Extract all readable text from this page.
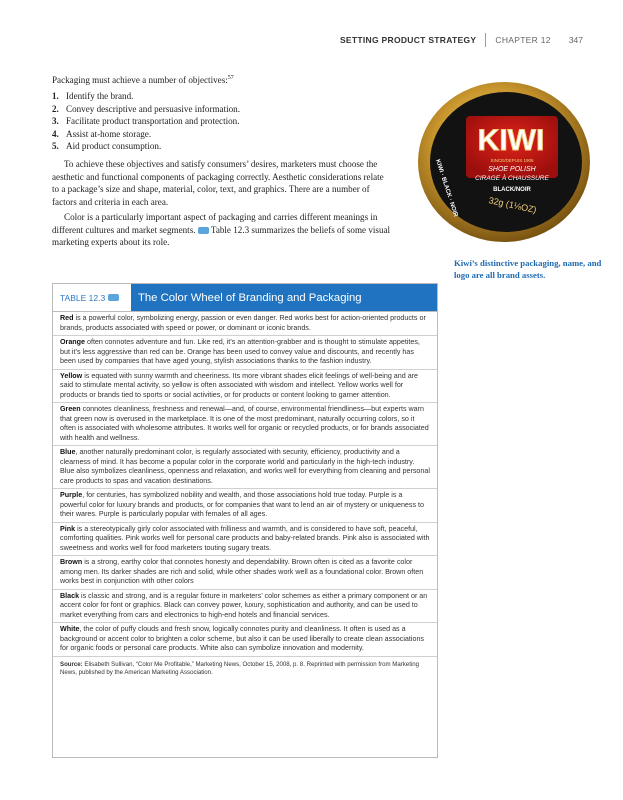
SETTING PRODUCT STRATEGY CHAPTER 12 347

Packaging must achieve a number of objectives:$^{57}$

1. Identify the brand.
2. Convey descriptive and persuasive information.
3. Facilitate product transportation and protection.
4. Assist at-home storage.
5. Aid product consumption.

To achieve these objectives and satisfy consumers’ desires, marketers must choose the aesthetic and functional components of packaging correctly. Aesthetic considerations relate to a package’s size and shape, material, color, text, and graphics. There are a number of factors and criteria in each area.

Color is a particularly important aspect of packaging and carries different meanings in different cultures and market segments. Table 12.3 summarizes the beliefs of some visual marketing experts about its role.

KIWI
SINCE/DEPUIS 1906
SHOE POLISH
CIRAGE À CHAUSSURE
BLACK/NOIR
32g (1⅛OZ)
KIWI · BLACK · NOIR
Kiwi’s distinctive packaging, name, and logo are all brand assets.
TABLE 12.3	The Color Wheel of Branding and Packaging
Red is a powerful color, symbolizing energy, passion or even danger. Red works best for action-oriented products or brands, products associated with speed or power, or dominant or iconic brands.
Orange often connotes adventure and fun. Like red, it’s an attention-grabber and is thought to stimulate appetites, but it’s less aggressive than red can be. Orange has been used to convey value and discounts, and recently has been used by companies that have aged young, stylish associations thanks to the fashion industry.
Yellow is equated with sunny warmth and cheeriness. Its more vibrant shades elicit feelings of well-being and are said to stimulate mental activity, so yellow is often associated with wisdom and intellect. Yellow works well for products or brands tied to sports or social activities, or for products or content looking to garner attention.
Green connotes cleanliness, freshness and renewal—and, of course, environmental friendliness—but experts warn that green now is overused in the marketplace. It is one of the most predominant, naturally occurring colors, so it often is associated with wholesome attributes. It works well for organic or recycled products, or for brands associated with health and wellness.
Blue, another naturally predominant color, is regularly associated with security, efficiency, productivity and a clearness of mind. It has become a popular color in the corporate world and particularly in the high-tech industry. Blue also symbolizes cleanliness, openness and relaxation, and works well for everything from cleaning and personal care products to spas and vacation destinations.
Purple, for centuries, has symbolized nobility and wealth, and those associations hold true today. Purple is a powerful color for luxury brands and products, or for companies that want to lend an air of mystery or uniqueness to their wares. Purple is particularly popular with females of all ages.
Pink is a stereotypically girly color associated with frilliness and warmth, and is considered to have soft, peaceful, comforting qualities. Pink works well for personal care products and baby-related brands. Pink also is associated with sweetness and works well for food marketers touting sugary treats.
Brown is a strong, earthy color that connotes honesty and dependability. Brown often is cited as a favorite color among men. Its darker shades are rich and solid, while other shades work well as a foundational color. Brown often works best in conjunction with other colors
Black is classic and strong, and is a regular fixture in marketers’ color schemes as either a primary component or an accent color for font or graphics. Black can convey power, luxury, sophistication and authority, and can be used to market everything from cars and electronics to high-end hotels and financial services.
White, the color of puffy clouds and fresh snow, logically connotes purity and cleanliness. It often is used as a background or accent color to brighten a color scheme, but also it can be used liberally to create clean associations for organic foods or personal care products. White also can symbolize innovation and modernity.
Source: Elisabeth Sullivan, “Color Me Profitable,” Marketing News, October 15, 2008, p. 8. Reprinted with permission from Marketing News, published by the American Marketing Association.
